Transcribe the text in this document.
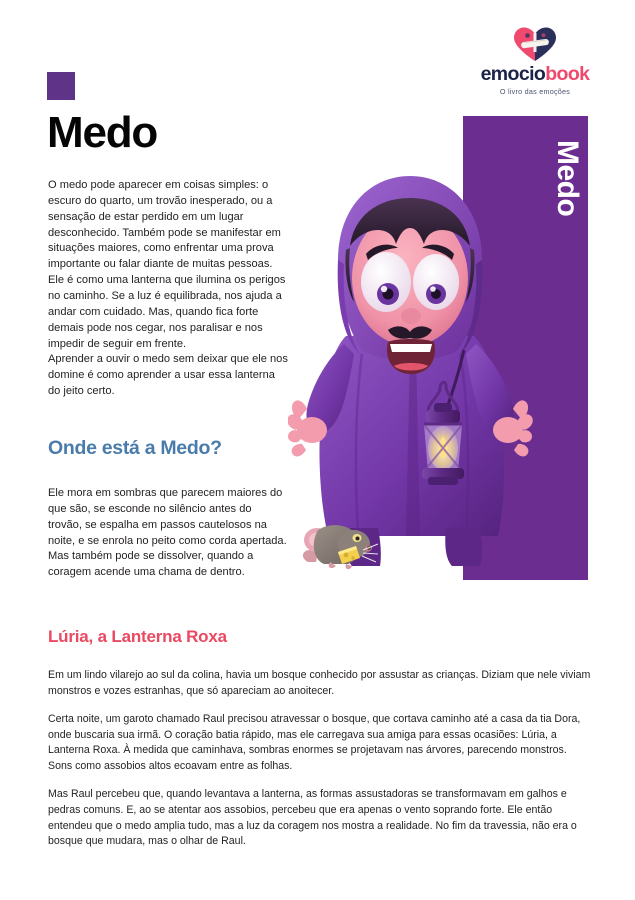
emociobook
O livro das emoções
Medo
Medo

O medo pode aparecer em coisas simples: o escuro do quarto, um trovão inesperado, ou a sensação de estar perdido em um lugar desconhecido. Também pode se manifestar em situações maiores, como enfrentar uma prova importante ou falar diante de muitas pessoas.

Ele é como uma lanterna que ilumina os perigos no caminho. Se a luz é equilibrada, nos ajuda a andar com cuidado. Mas, quando fica forte demais pode nos cegar, nos paralisar e nos impedir de seguir em frente.

Aprender a ouvir o medo sem deixar que ele nos domine é como aprender a usar essa lanterna do jeito certo.

Onde está a Medo?

Ele mora em sombras que parecem maiores do que são, se esconde no silêncio antes do trovão, se espalha em passos cautelosos na noite, e se enrola no peito como corda apertada.

Mas também pode se dissolver, quando a coragem acende uma chama de dentro.

Lúria, a Lanterna Roxa

Em um lindo vilarejo ao sul da colina, havia um bosque conhecido por assustar as crianças. Diziam que nele viviam monstros e vozes estranhas, que só apareciam ao anoitecer.

Certa noite, um garoto chamado Raul precisou atravessar o bosque, que cortava caminho até a casa da tia Dora, onde buscaria sua irmã. O coração batia rápido, mas ele carregava sua amiga para essas ocasiões: Lúria, a Lanterna Roxa. À medida que caminhava, sombras enormes se projetavam nas árvores, parecendo monstros. Sons como assobios altos ecoavam entre as folhas.

Mas Raul percebeu que, quando levantava a lanterna, as formas assustadoras se transformavam em galhos e pedras comuns. E, ao se atentar aos assobios, percebeu que era apenas o vento soprando forte. Ele então entendeu que o medo amplia tudo, mas a luz da coragem nos mostra a realidade. No fim da travessia, não era o bosque que mudara, mas o olhar de Raul.
